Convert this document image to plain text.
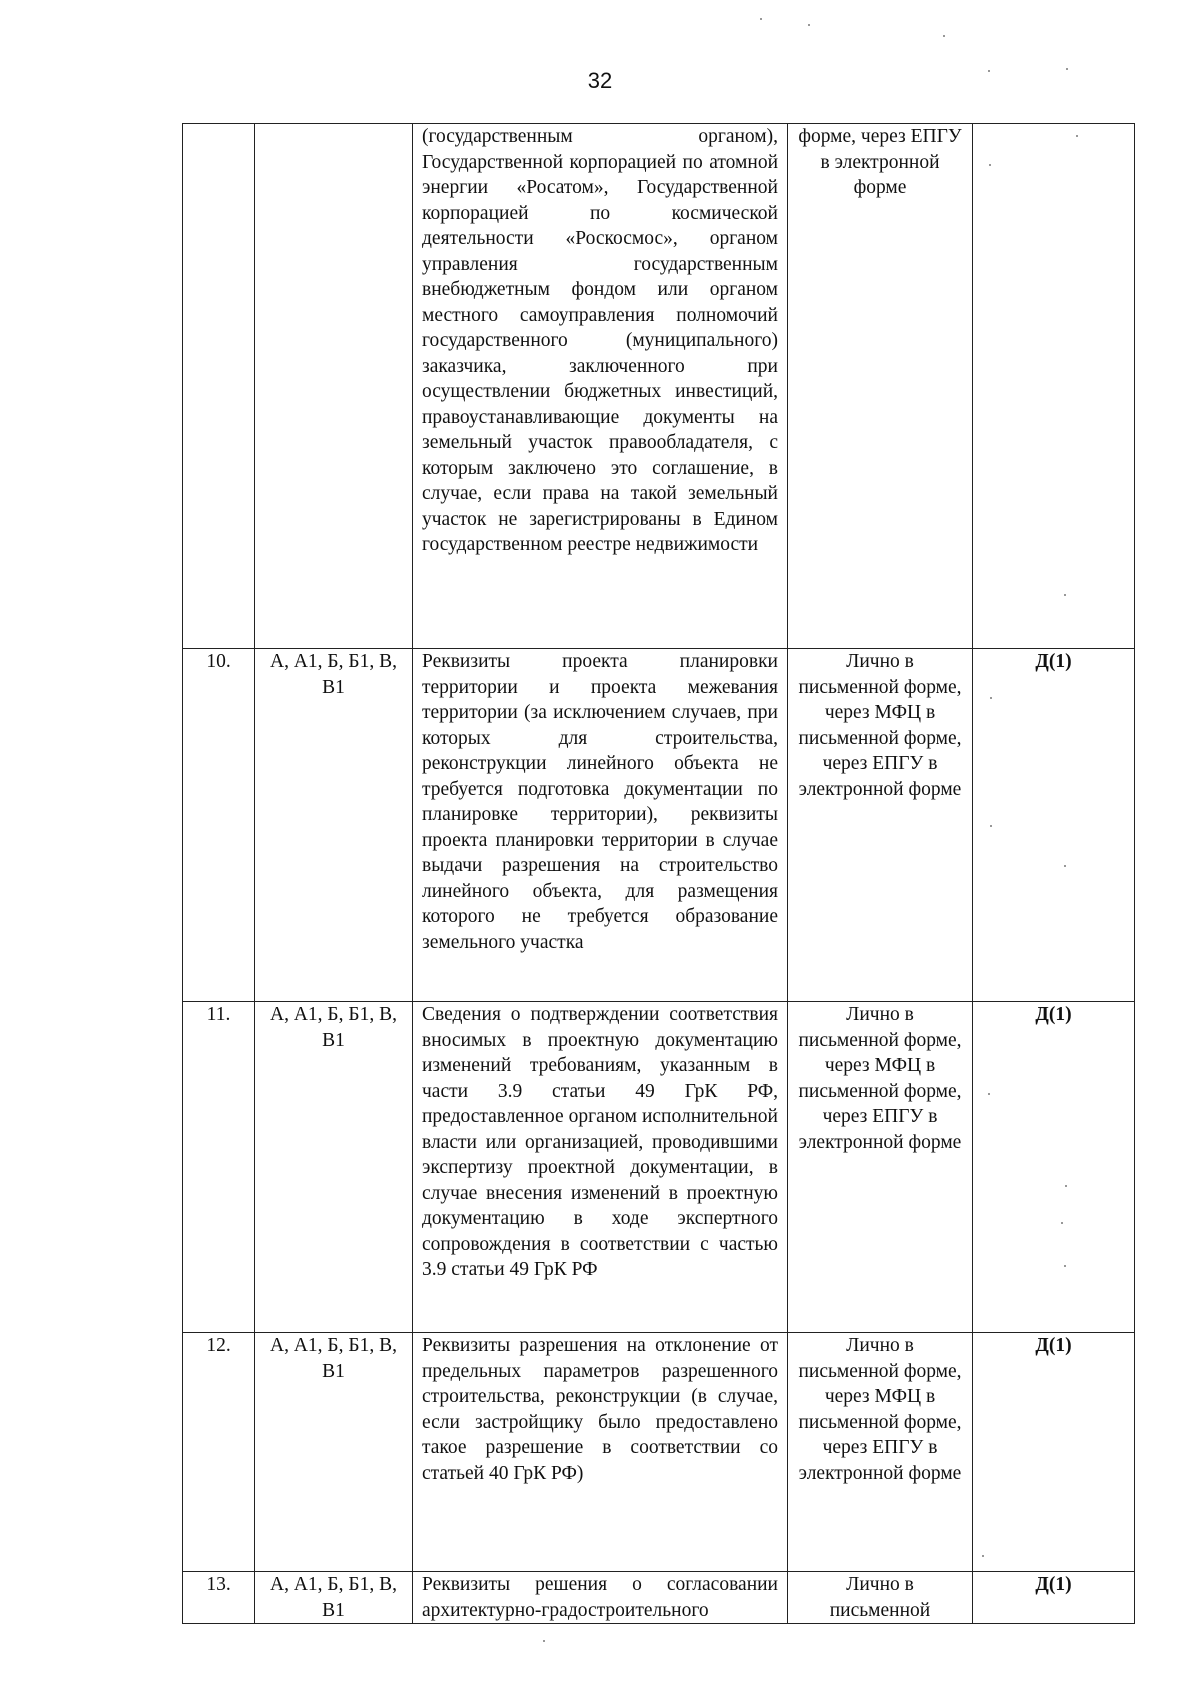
32
		(государственным органом), Государственной корпорацией по атомной энергии «Росатом», Государственной корпорацией по космической деятельности «Роскосмос», органом управления государственным внебюджетным фондом или органом местного самоуправления полномочий государственного (муниципального) заказчика, заключенного при осуществлении бюджетных инвестиций, правоустанавливающие документы на земельный участок правообладателя, с которым заключено это соглашение, в случае, если права на такой земельный участок не зарегистрированы в Едином государственном реестре недвижимости	форме, через ЕПГУ в электронной форме	
10.	А, А1, Б, Б1, В, В1	Реквизиты проекта планировки территории и проекта межевания территории (за исключением случаев, при которых для строительства, реконструкции линейного объекта не требуется подготовка документации по планировке территории), реквизиты проекта планировки территории в случае выдачи разрешения на строительство линейного объекта, для размещения которого не требуется образование земельного участка	Лично в письменной форме, через МФЦ в письменной форме, через ЕПГУ в электронной форме	Д(1)
11.	А, А1, Б, Б1, В, В1	Сведения о подтверждении соответствия вносимых в проектную документацию изменений требованиям, указанным в части 3.9 статьи 49 ГрК РФ, предоставленное органом исполнительной власти или организацией, проводившими экспертизу проектной документации, в случае внесения изменений в проектную документацию в ходе экспертного сопровождения в соответствии с частью 3.9 статьи 49 ГрК РФ	Лично в письменной форме, через МФЦ в письменной форме, через ЕПГУ в электронной форме	Д(1)
12.	А, А1, Б, Б1, В, В1	Реквизиты разрешения на отклонение от предельных параметров разрешенного строительства, реконструкции (в случае, если застройщику было предоставлено такое разрешение в соответствии со статьей 40 ГрК РФ)	Лично в письменной форме, через МФЦ в письменной форме, через ЕПГУ в электронной форме	Д(1)
13.	А, А1, Б, Б1, В, В1	Реквизиты решения о согласовании архитектурно-градостроительного	Лично в письменной	Д(1)
